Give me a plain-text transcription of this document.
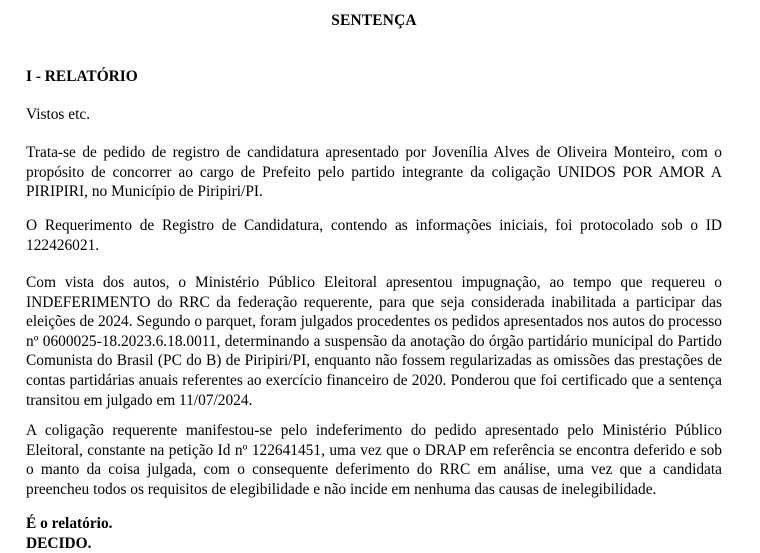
SENTENÇA
I - RELATÓRIO

Vistos etc.

Trata-se de pedido de registro de candidatura apresentado por Jovenília Alves de Oliveira Monteiro, com o propósito de concorrer ao cargo de Prefeito pelo partido integrante da coligação UNIDOS POR AMOR A PIRIPIRI, no Município de Piripiri/PI.

O Requerimento de Registro de Candidatura, contendo as informações iniciais, foi protocolado sob o ID 122426021.

Com vista dos autos, o Ministério Público Eleitoral apresentou impugnação, ao tempo que requereu o INDEFERIMENTO do RRC da federação requerente, para que seja considerada inabilitada a participar das eleições de 2024. Segundo o parquet, foram julgados procedentes os pedidos apresentados nos autos do processo nº 0600025-18.2023.6.18.0011, determinando a suspensão da anotação do órgão partidário municipal do Partido Comunista do Brasil (PC do B) de Piripiri/PI, enquanto não fossem regularizadas as omissões das prestações de contas partidárias anuais referentes ao exercício financeiro de 2020. Ponderou que foi certificado que a sentença transitou em julgado em 11/07/2024.

A coligação requerente manifestou-se pelo indeferimento do pedido apresentado pelo Ministério Público Eleitoral, constante na petição Id nº 122641451, uma vez que o DRAP em referência se encontra deferido e sob o manto da coisa julgada, com o consequente deferimento do RRC em análise, uma vez que a candidata preencheu todos os requisitos de elegibilidade e não incide em nenhuma das causas de inelegibilidade.

É o relatório.
DECIDO.
